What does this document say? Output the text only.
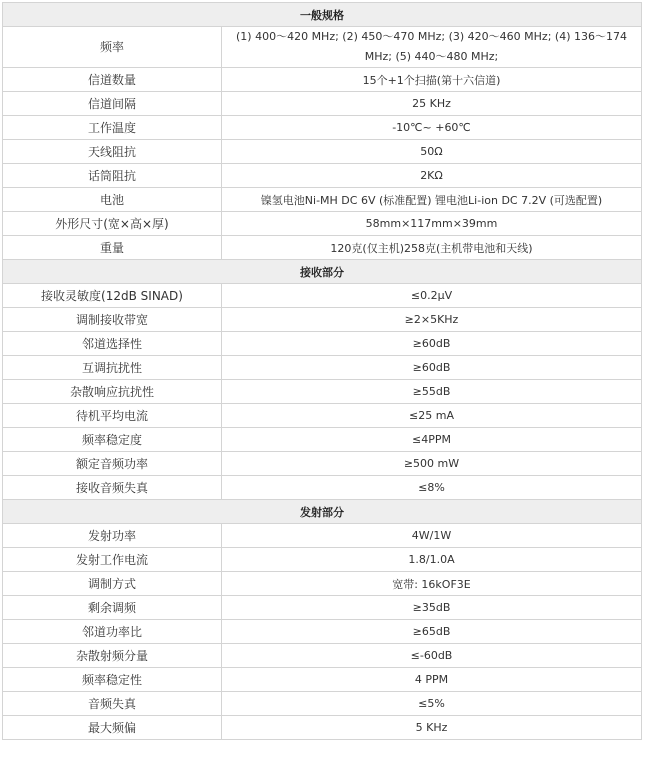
一般规格	
频率	(1) 400～420 MHz; (2) 450～470 MHz; (3) 420～460 MHz; (4) 136～174 MHz; (5) 440～480 MHz;
信道数量	15个+1个扫描(第十六信道)
信道间隔	25 KHz
工作温度	-10℃~ +60℃
天线阻抗	50Ω
话筒阻抗	2KΩ
电池	镍氢电池Ni-MH DC 6V (标准配置) 锂电池Li-ion DC 7.2V (可选配置)
外形尺寸(宽×高×厚)	58mm×117mm×39mm
重量	120克(仅主机)258克(主机带电池和天线)
接收部分	
接收灵敏度(12dB SINAD)	≤0.2μV
调制接收带宽	≥2×5KHz
邻道选择性	≥60dB
互调抗扰性	≥60dB
杂散响应抗扰性	≥55dB
待机平均电流	≤25 mA
频率稳定度	≤4PPM
额定音频功率	≥500 mW
接收音频失真	≤8%
发射部分	
发射功率	4W/1W
发射工作电流	1.8/1.0A
调制方式	宽带: 16kOF3E
剩余调频	≥35dB
邻道功率比	≥65dB
杂散射频分量	≤-60dB
频率稳定性	4 PPM
音频失真	≤5%
最大频偏	5 KHz
